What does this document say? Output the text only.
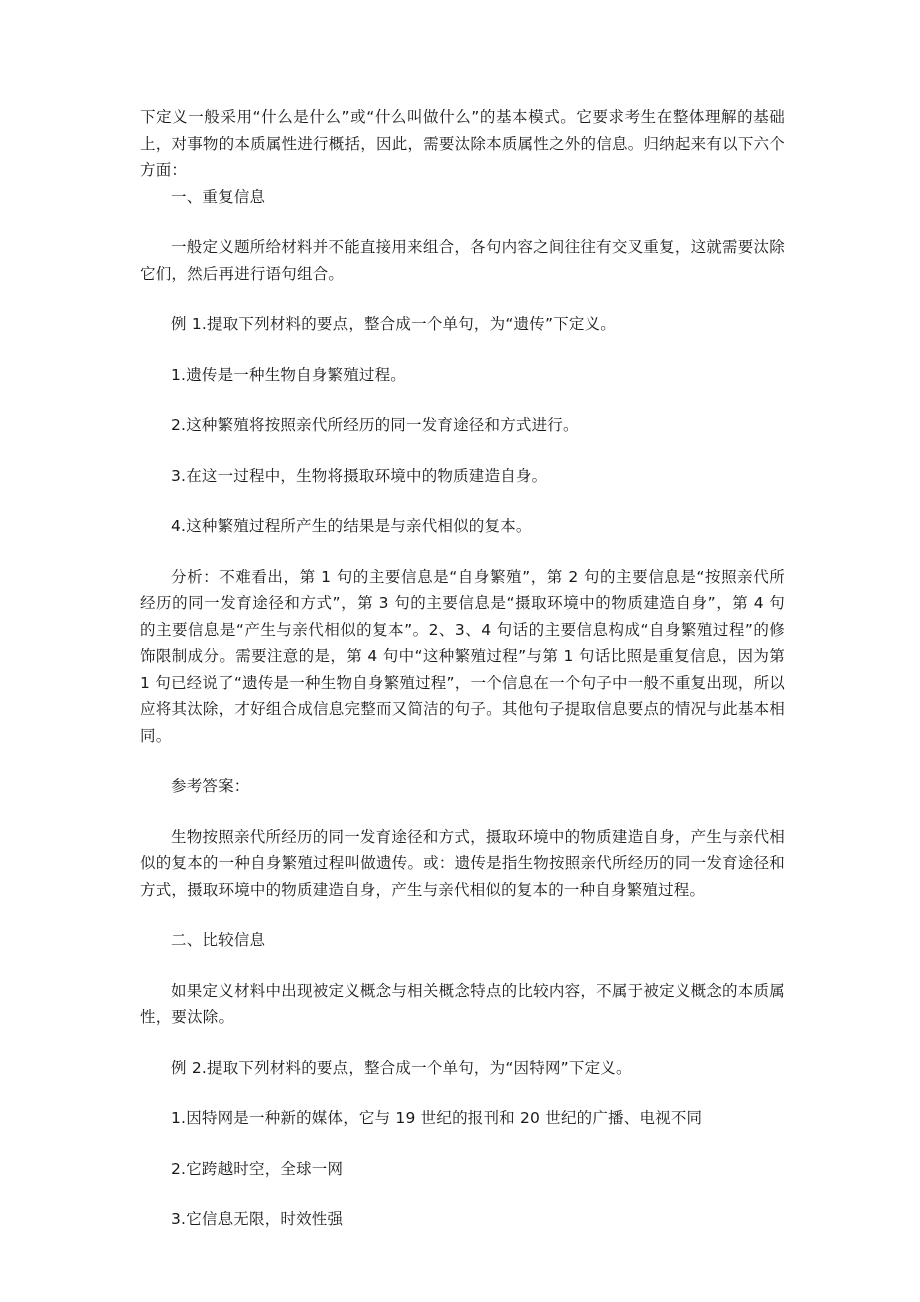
下定义一般采用“什么是什么”或“什么叫做什么”的基本模式。它要求考生在整体理解的基础上，对事物的本质属性进行概括，因此，需要汰除本质属性之外的信息。归纳起来有以下六个方面：

一、重复信息

一般定义题所给材料并不能直接用来组合，各句内容之间往往有交叉重复，这就需要汰除它们，然后再进行语句组合。

例 1.提取下列材料的要点，整合成一个单句，为“遗传”下定义。

1.遗传是一种生物自身繁殖过程。

2.这种繁殖将按照亲代所经历的同一发育途径和方式进行。

3.在这一过程中，生物将摄取环境中的物质建造自身。

4.这种繁殖过程所产生的结果是与亲代相似的复本。

分析：不难看出，第 1 句的主要信息是“自身繁殖”，第 2 句的主要信息是“按照亲代所经历的同一发育途径和方式”，第 3 句的主要信息是“摄取环境中的物质建造自身”，第 4 句的主要信息是“产生与亲代相似的复本”。2、3、4 句话的主要信息构成“自身繁殖过程”的修饰限制成分。需要注意的是，第 4 句中“这种繁殖过程”与第 1 句话比照是重复信息，因为第 1 句已经说了“遗传是一种生物自身繁殖过程”，一个信息在一个句子中一般不重复出现，所以应将其汰除，才好组合成信息完整而又简洁的句子。其他句子提取信息要点的情况与此基本相同。

参考答案：

生物按照亲代所经历的同一发育途径和方式，摄取环境中的物质建造自身，产生与亲代相似的复本的一种自身繁殖过程叫做遗传。或：遗传是指生物按照亲代所经历的同一发育途径和方式，摄取环境中的物质建造自身，产生与亲代相似的复本的一种自身繁殖过程。

二、比较信息

如果定义材料中出现被定义概念与相关概念特点的比较内容，不属于被定义概念的本质属性，要汰除。

例 2.提取下列材料的要点，整合成一个单句，为“因特网”下定义。

1.因特网是一种新的媒体，它与 19 世纪的报刊和 20 世纪的广播、电视不同

2.它跨越时空，全球一网

3.它信息无限，时效性强
